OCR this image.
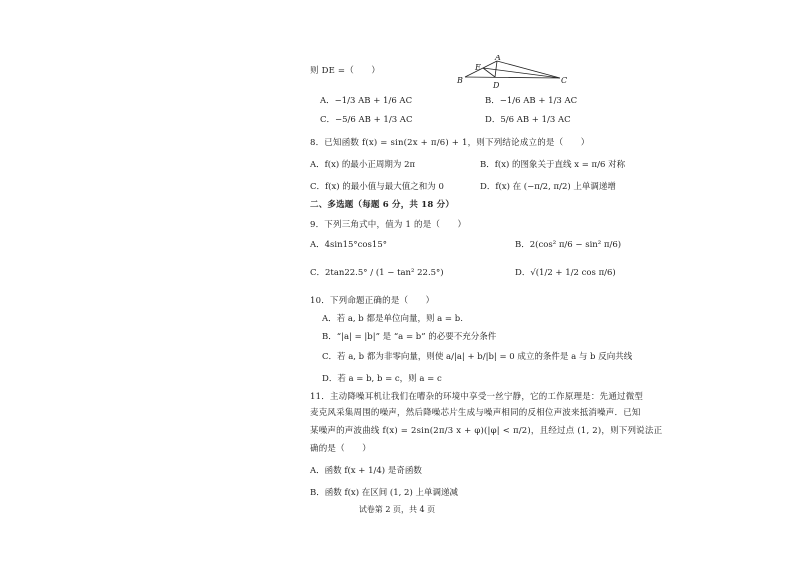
则 DE =（　　）
A
E
B
D
C
A．−1/3 AB + 1/6 AC	B．−1/6 AB + 1/3 AC
C．−5/6 AB + 1/3 AC	D．5/6 AB + 1/3 AC
8．已知函数 f(x) = sin(2x + π/6) + 1，则下列结论成立的是（　　）
A．f(x) 的最小正周期为 2π	B．f(x) 的图象关于直线 x = π/6 对称
C．f(x) 的最小值与最大值之和为 0	D．f(x) 在 (−π/2, π/2) 上单调递增
二、多选题（每题 6 分，共 18 分）
9．下列三角式中，值为 1 的是（　　）
A．4sin15°cos15°	B．2(cos² π/6 − sin² π/6)
C．2tan22.5° / (1 − tan² 22.5°)	D．√(1/2 + 1/2 cos π/6)
10．下列命题正确的是（　　）
A．若 a, b 都是单位向量，则 a = b.
B．“|a| = |b|” 是 “a = b” 的必要不充分条件
C．若 a, b 都为非零向量，则使 a/|a| + b/|b| = 0 成立的条件是 a 与 b 反向共线
D．若 a = b, b = c，则 a = c
11．主动降噪耳机让我们在嘈杂的环境中享受一丝宁静，它的工作原理是：先通过微型
麦克风采集周围的噪声，然后降噪芯片生成与噪声相同的反相位声波来抵消噪声．已知
某噪声的声波曲线 f(x) = 2sin(2π/3 x + φ)(|φ| < π/2)，且经过点 (1, 2)，则下列说法正
确的是（　　）
A．函数 f(x + 1/4) 是奇函数
B．函数 f(x) 在区间 (1, 2) 上单调递减
试卷第 2 页，共 4 页
